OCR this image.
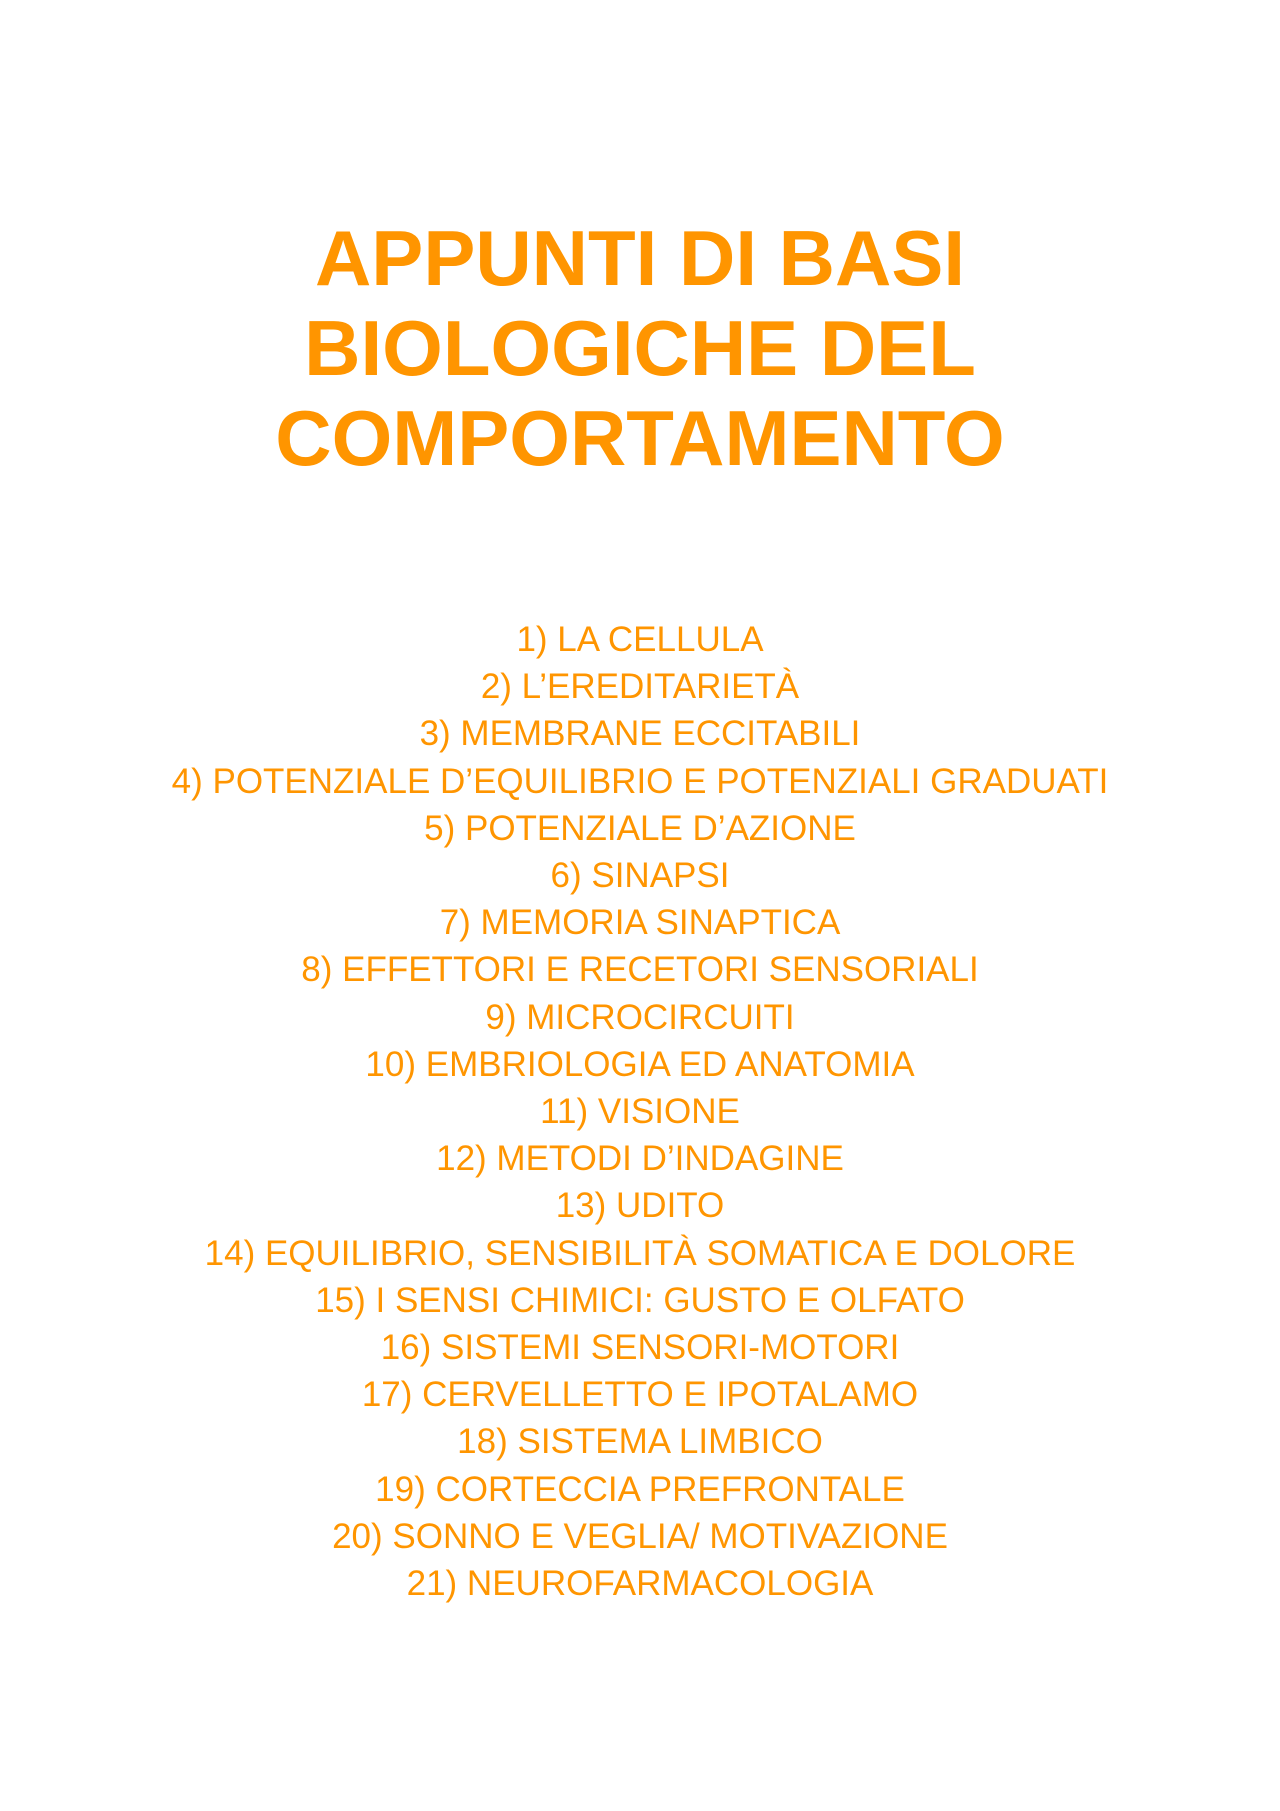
APPUNTI DI BASI
BIOLOGICHE DEL
COMPORTAMENTO
1) LA CELLULA
2) L’EREDITARIETÀ
3) MEMBRANE ECCITABILI
4) POTENZIALE D’EQUILIBRIO E POTENZIALI GRADUATI
5) POTENZIALE D’AZIONE
6) SINAPSI
7) MEMORIA SINAPTICA
8) EFFETTORI E RECETORI SENSORIALI
9) MICROCIRCUITI
10) EMBRIOLOGIA ED ANATOMIA
11) VISIONE
12) METODI D’INDAGINE
13) UDITO
14) EQUILIBRIO, SENSIBILITÀ SOMATICA E DOLORE
15) I SENSI CHIMICI: GUSTO E OLFATO
16) SISTEMI SENSORI-MOTORI
17) CERVELLETTO E IPOTALAMO
18) SISTEMA LIMBICO
19) CORTECCIA PREFRONTALE
20) SONNO E VEGLIA/ MOTIVAZIONE
21) NEUROFARMACOLOGIA
